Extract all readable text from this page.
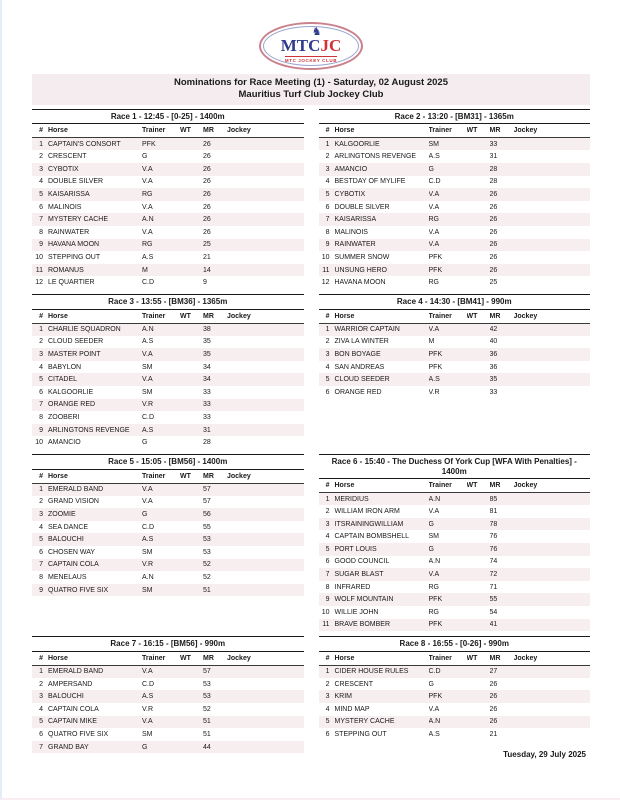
♞
MTCJC
MTC JOCKEY CLUB
Nominations for Race Meeting (1) - Saturday, 02 August 2025
Mauritius Turf Club Jockey Club
Race 1 - 12:45 - [0-25] - 1400m
#	Horse	Trainer	WT	MR	Jockey
1	CAPTAIN'S CONSORT	PFK		26	
2	CRESCENT	G		26	
3	CYBOTIX	V.A		26	
4	DOUBLE SILVER	V.A		26	
5	KAISARISSA	RG		26	
6	MALINOIS	V.A		26	
7	MYSTERY CACHE	A.N		26	
8	RAINWATER	V.A		26	
9	HAVANA MOON	RG		25	
10	STEPPING OUT	A.S		21	
11	ROMANUS	M		14	
12	LE QUARTIER	C.D		9	
Race 2 - 13:20 - [BM31] - 1365m
#	Horse	Trainer	WT	MR	Jockey
1	KALGOORLIE	SM		33	
2	ARLINGTONS REVENGE	A.S		31	
3	AMANCIO	G		28	
4	BESTDAY OF MYLIFE	C.D		28	
5	CYBOTIX	V.A		26	
6	DOUBLE SILVER	V.A		26	
7	KAISARISSA	RG		26	
8	MALINOIS	V.A		26	
9	RAINWATER	V.A		26	
10	SUMMER SNOW	PFK		26	
11	UNSUNG HERO	PFK		26	
12	HAVANA MOON	RG		25	
Race 3 - 13:55 - [BM36] - 1365m
#	Horse	Trainer	WT	MR	Jockey
1	CHARLIE SQUADRON	A.N		38	
2	CLOUD SEEDER	A.S		35	
3	MASTER POINT	V.A		35	
4	BABYLON	SM		34	
5	CITADEL	V.A		34	
6	KALGOORLIE	SM		33	
7	ORANGE RED	V.R		33	
8	ZOOBERI	C.D		33	
9	ARLINGTONS REVENGE	A.S		31	
10	AMANCIO	G		28	
Race 4 - 14:30 - [BM41] - 990m
#	Horse	Trainer	WT	MR	Jockey
1	WARRIOR CAPTAIN	V.A		42	
2	ZIVA LA WINTER	M		40	
3	BON BOYAGE	PFK		36	
4	SAN ANDREAS	PFK		36	
5	CLOUD SEEDER	A.S		35	
6	ORANGE RED	V.R		33	
Race 5 - 15:05 - [BM56] - 1400m
#	Horse	Trainer	WT	MR	Jockey
1	EMERALD BAND	V.A		57	
2	GRAND VISION	V.A		57	
3	ZOOMIE	G		56	
4	SEA DANCE	C.D		55	
5	BALOUCHI	A.S		53	
6	CHOSEN WAY	SM		53	
7	CAPTAIN COLA	V.R		52	
8	MENELAUS	A.N		52	
9	QUATRO FIVE SIX	SM		51	
Race 6 - 15:40 - The Duchess Of York Cup [WFA With Penalties] - 1400m
#	Horse	Trainer	WT	MR	Jockey
1	MERIDIUS	A.N		85	
2	WILLIAM IRON ARM	V.A		81	
3	ITSRAININGWILLIAM	G		78	
4	CAPTAIN BOMBSHELL	SM		76	
5	PORT LOUIS	G		76	
6	GOOD COUNCIL	A.N		74	
7	SUGAR BLAST	V.A		72	
8	INFRARED	RG		71	
9	WOLF MOUNTAIN	PFK		55	
10	WILLIE JOHN	RG		54	
11	BRAVE BOMBER	PFK		41	
Race 7 - 16:15 - [BM56] - 990m
#	Horse	Trainer	WT	MR	Jockey
1	EMERALD BAND	V.A		57	
2	AMPERSAND	C.D		53	
3	BALOUCHI	A.S		53	
4	CAPTAIN COLA	V.R		52	
5	CAPTAIN MIKE	V.A		51	
6	QUATRO FIVE SIX	SM		51	
7	GRAND BAY	G		44	
Race 8 - 16:55 - [0-26] - 990m
#	Horse	Trainer	WT	MR	Jockey
1	CIDER HOUSE RULES	C.D		27	
2	CRESCENT	G		26	
3	KRIM	PFK		26	
4	MIND MAP	V.A		26	
5	MYSTERY CACHE	A.N		26	
6	STEPPING OUT	A.S		21	
Tuesday, 29 July 2025
